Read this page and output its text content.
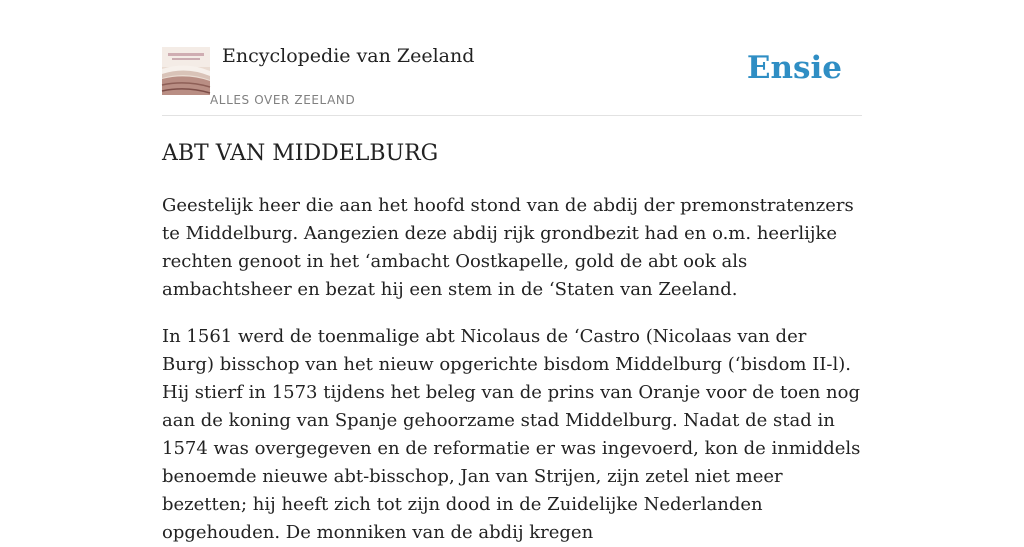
Encyclopedie van Zeeland
ALLES OVER ZEELAND
Ensie
ABT VAN MIDDELBURG

Geestelijk heer die aan het hoofd stond van de abdij der premonstratenzers te Middelburg. Aangezien deze abdij rijk grondbezit had en o.m. heerlijke rechten genoot in het ‘ambacht Oostkapelle, gold de abt ook als ambachtsheer en bezat hij een stem in de ‘Staten van Zeeland.

In 1561 werd de toenmalige abt Nicolaus de ‘Castro (Nicolaas van der Burg) bisschop van het nieuw opgerichte bisdom Middelburg (‘bisdom II-l). Hij stierf in 1573 tijdens het beleg van de prins van Oranje voor de toen nog aan de koning van Spanje gehoorzame stad Middelburg. Nadat de stad in 1574 was overgegeven en de reformatie er was ingevoerd, kon de inmiddels benoemde nieuwe abt-bisschop, Jan van Strijen, zijn zetel niet meer bezetten; hij heeft zich tot zijn dood in de Zuidelijke Nederlanden opgehouden. De monniken van de abdij kregen
